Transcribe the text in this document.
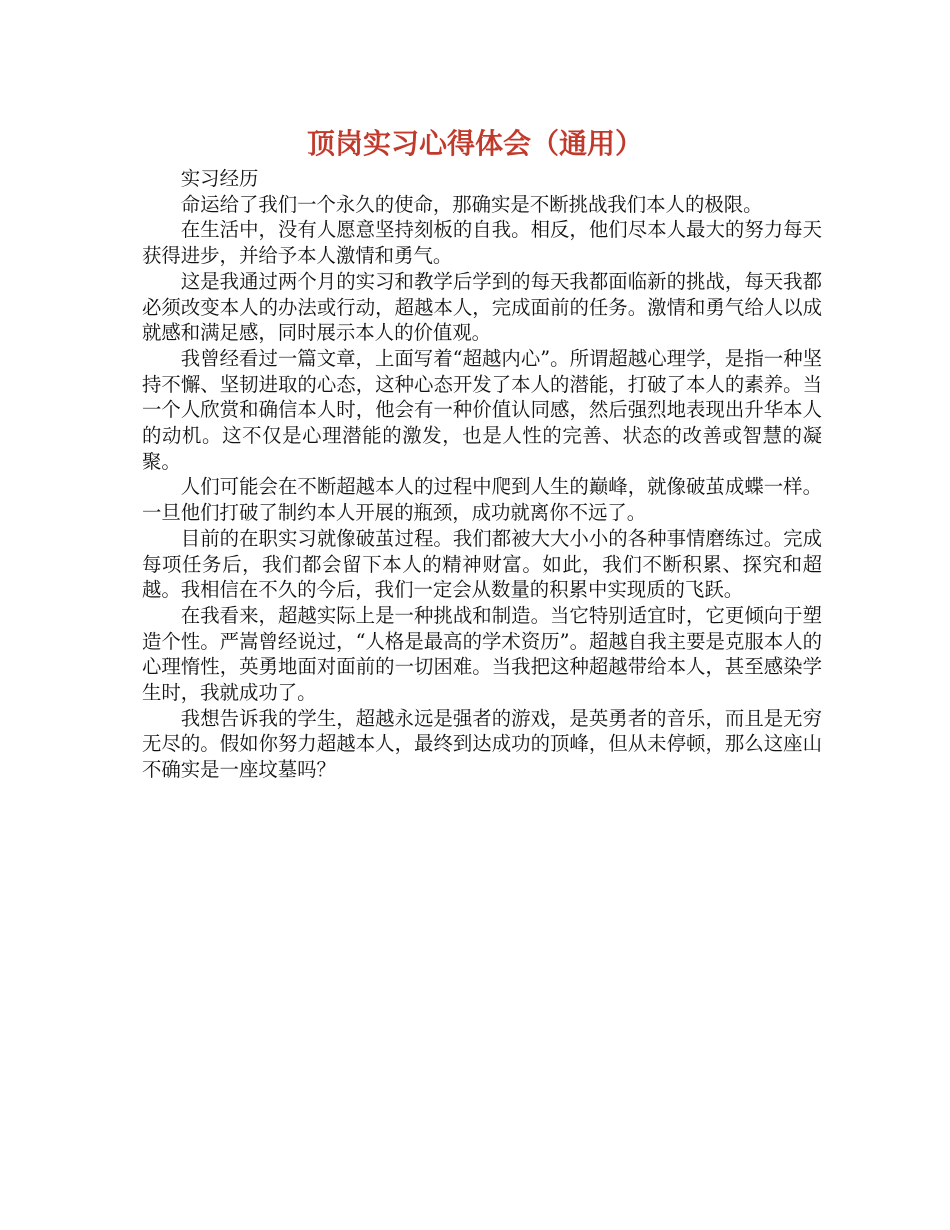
顶岗实习心得体会（通用）

实习经历

命运给了我们一个永久的使命，那确实是不断挑战我们本人的极限。

在生活中，没有人愿意坚持刻板的自我。相反，他们尽本人最大的努力每天获得进步，并给予本人激情和勇气。

这是我通过两个月的实习和教学后学到的每天我都面临新的挑战，每天我都必须改变本人的办法或行动，超越本人，完成面前的任务。激情和勇气给人以成就感和满足感，同时展示本人的价值观。

我曾经看过一篇文章，上面写着“超越内心”。所谓超越心理学，是指一种坚持不懈、坚韧进取的心态，这种心态开发了本人的潜能，打破了本人的素养。当一个人欣赏和确信本人时，他会有一种价值认同感，然后强烈地表现出升华本人的动机。这不仅是心理潜能的激发，也是人性的完善、状态的改善或智慧的凝聚。

人们可能会在不断超越本人的过程中爬到人生的巅峰，就像破茧成蝶一样。一旦他们打破了制约本人开展的瓶颈，成功就离你不远了。

目前的在职实习就像破茧过程。我们都被大大小小的各种事情磨练过。完成每项任务后，我们都会留下本人的精神财富。如此，我们不断积累、探究和超越。我相信在不久的今后，我们一定会从数量的积累中实现质的飞跃。

在我看来，超越实际上是一种挑战和制造。当它特别适宜时，它更倾向于塑造个性。严嵩曾经说过，“人格是最高的学术资历”。超越自我主要是克服本人的心理惰性，英勇地面对面前的一切困难。当我把这种超越带给本人，甚至感染学生时，我就成功了。

我想告诉我的学生，超越永远是强者的游戏，是英勇者的音乐，而且是无穷无尽的。假如你努力超越本人，最终到达成功的顶峰，但从未停顿，那么这座山不确实是一座坟墓吗？
